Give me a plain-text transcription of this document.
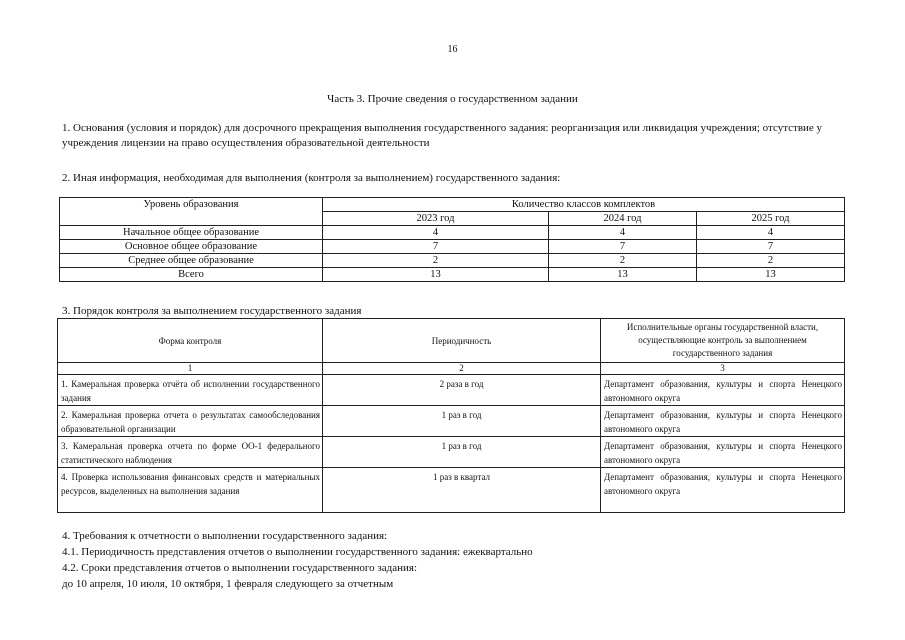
16
Часть 3. Прочие сведения о государственном задании
1. Основания (условия и порядок) для досрочного прекращения выполнения государственного задания: реорганизация или ликвидация учреждения; отсутствие у учреждения лицензии на право осуществления образовательной деятельности
2. Иная информация, необходимая для выполнения (контроля за выполнением) государственного задания:
Уровень образования	Количество классов комплектов		
	2023 год	2024 год	2025 год
Начальное общее образование	4	4	4
Основное общее образование	7	7	7
Среднее общее образование	2	2	2
Всего	13	13	13
3. Порядок контроля за выполнением государственного задания
Форма контроля	Периодичность	Исполнительные органы государственной власти, осуществляющие контроль за выполнением государственного задания
1	2	3
1. Камеральная проверка отчёта об исполнении государственного задания	2 раза в год	Департамент образования, культуры и спорта Ненецкого автономного округа
2. Камеральная проверка отчета о результатах самообследования образовательной организации	1 раз в год	Департамент образования, культуры и спорта Ненецкого автономного округа
3. Камеральная проверка отчета по форме ОО-1 федерального статистического наблюдения	1 раз в год	Департамент образования, культуры и спорта Ненецкого автономного округа
4. Проверка использования финансовых средств и материальных ресурсов, выделенных на выполнения задания	1 раз в квартал	Департамент образования, культуры и спорта Ненецкого автономного округа
4. Требования к отчетности о выполнении государственного задания:
4.1. Периодичность представления отчетов о выполнении государственного задания: ежеквартально
4.2. Сроки представления отчетов о выполнении государственного задания:
до 10 апреля, 10 июля, 10 октября, 1 февраля следующего за отчетным
